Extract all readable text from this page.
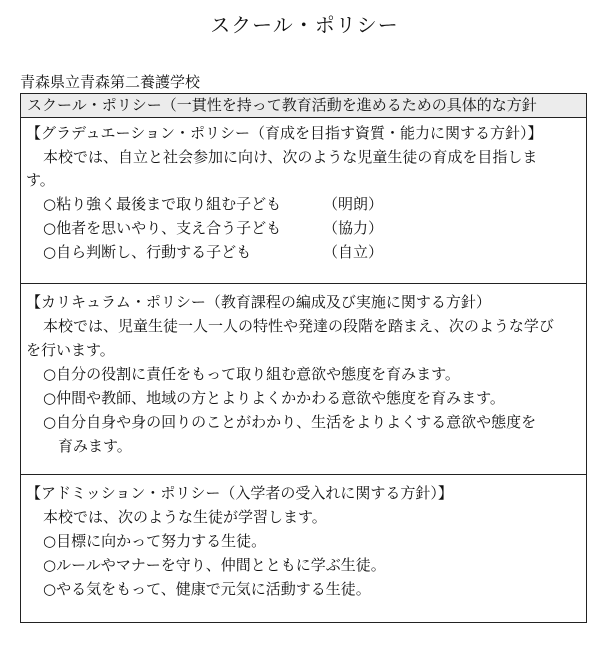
スクール・ポリシー
青森県立青森第二養護学校
スクール・ポリシー（一貫性を持って教育活動を進めるための具体的な方針
【グラデュエーション・ポリシー（育成を目指す資質・能力に関する方針）】
本校では、自立と社会参加に向け、次のような児童生徒の育成を目指しま
す。
○粘り強く最後まで取り組む子ども	（明朗）
○他者を思いやり、支え合う子ども	（協力）
○自ら判断し、行動する子ども	（自立）
【カリキュラム・ポリシー（教育課程の編成及び実施に関する方針）
本校では、児童生徒一人一人の特性や発達の段階を踏まえ、次のような学び
を行います。
○自分の役割に責任をもって取り組む意欲や態度を育みます。
○仲間や教師、地域の方とよりよくかかわる意欲や態度を育みます。
○自分自身や身の回りのことがわかり、生活をよりよくする意欲や態度を
育みます。
【アドミッション・ポリシー（入学者の受入れに関する方針）】
本校では、次のような生徒が学習します。
○目標に向かって努力する生徒。
○ルールやマナーを守り、仲間とともに学ぶ生徒。
○やる気をもって、健康で元気に活動する生徒。
